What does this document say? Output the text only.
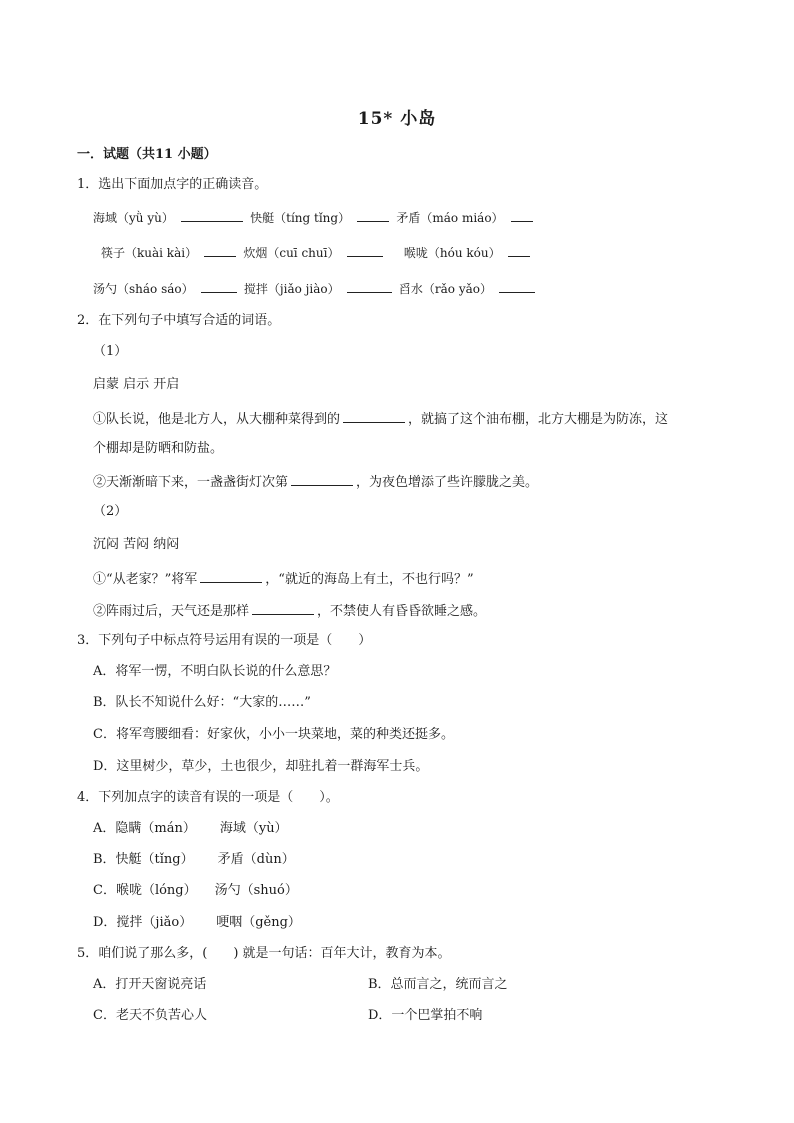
15* 小岛
一．试题（共11 小题）
1．选出下面加点字的正确读音。
海域（yǜ yù）	快艇（tíng tǐng）	矛盾（máo miáo）
筷子（kuài kài）	炊烟（cuī chuī）	喉咙（hóu kóu）
汤勺（sháo sáo）	搅拌（jiǎo jiào）	舀水（rǎo yǎo）
2．在下列句子中填写合适的词语。
（1）
启蒙 启示 开启
①队长说，他是北方人，从大棚种菜得到的	，就搞了这个油布棚，北方大棚是为防冻，这
个棚却是防晒和防盐。
②天渐渐暗下来，一盏盏街灯次第	，为夜色增添了些许朦胧之美。
（2）
沉闷 苦闷 纳闷
①“从老家？”将军	，“就近的海岛上有土，不也行吗？”
②阵雨过后，天气还是那样	，不禁使人有昏昏欲睡之感。
3．下列句子中标点符号运用有误的一项是（　　）
A．将军一愣，不明白队长说的什么意思？
B．队长不知说什么好：“大家的……”
C．将军弯腰细看：好家伙，小小一块菜地，菜的种类还挺多。
D．这里树少，草少，土也很少，却驻扎着一群海军士兵。
4．下列加点字的读音有误的一项是（　　）。
A．隐瞒（mán） 海域（yù）
B．快艇（tǐng） 矛盾（dùn）
C．喉咙（lóng） 汤勺（shuó）
D．搅拌（jiǎo） 哽咽（gěng）
5．咱们说了那么多，(　　) 就是一句话：百年大计，教育为本。
A．打开天窗说亮话	B．总而言之，统而言之
C．老天不负苦心人	D．一个巴掌拍不响
